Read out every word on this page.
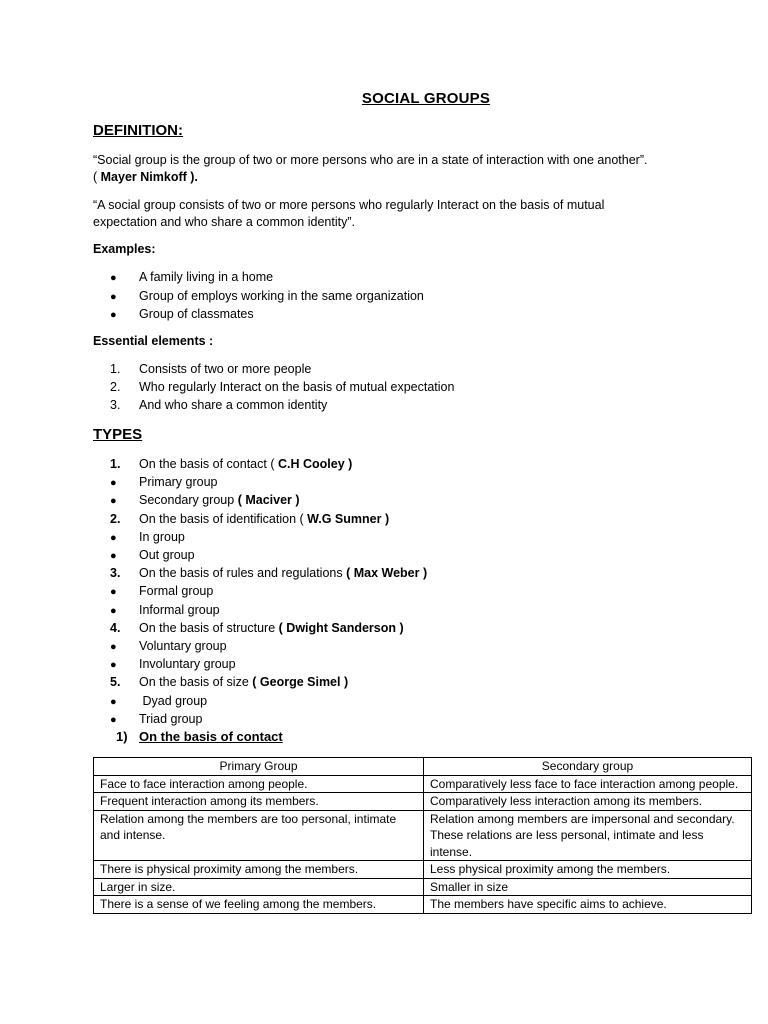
SOCIAL GROUPS
DEFINITION:
“Social group is the group of two or more persons who are in a state of interaction with one another”. ( Mayer Nimkoff ).
“A social group consists of two or more persons who regularly Interact on the basis of mutual expectation and who share a common identity”.
Examples:
● A family living in a home
● Group of employs working in the same organization
● Group of classmates
Essential elements :
1. Consists of two or more people
2. Who regularly Interact on the basis of mutual expectation
3. And who share a common identity
TYPES
1. On the basis of contact ( C.H Cooley )
● Primary group
● Secondary group ( Maciver )
2. On the basis of identification ( W.G Sumner )
● In group
● Out group
3. On the basis of rules and regulations ( Max Weber )
● Formal group
● Informal group
4. On the basis of structure ( Dwight Sanderson )
● Voluntary group
● Involuntary group
5. On the basis of size ( George Simel )
● Dyad group
● Triad group
1) On the basis of contact
Primary Group	Secondary group
Face to face interaction among people.	Comparatively less face to face interaction among people.
Frequent interaction among its members.	Comparatively less interaction among its members.
Relation among the members are too personal, intimate and intense.	Relation among members are impersonal and secondary. These relations are less personal, intimate and less intense.
There is physical proximity among the members.	Less physical proximity among the members.
Larger in size.	Smaller in size
There is a sense of we feeling among the members.	The members have specific aims to achieve.
